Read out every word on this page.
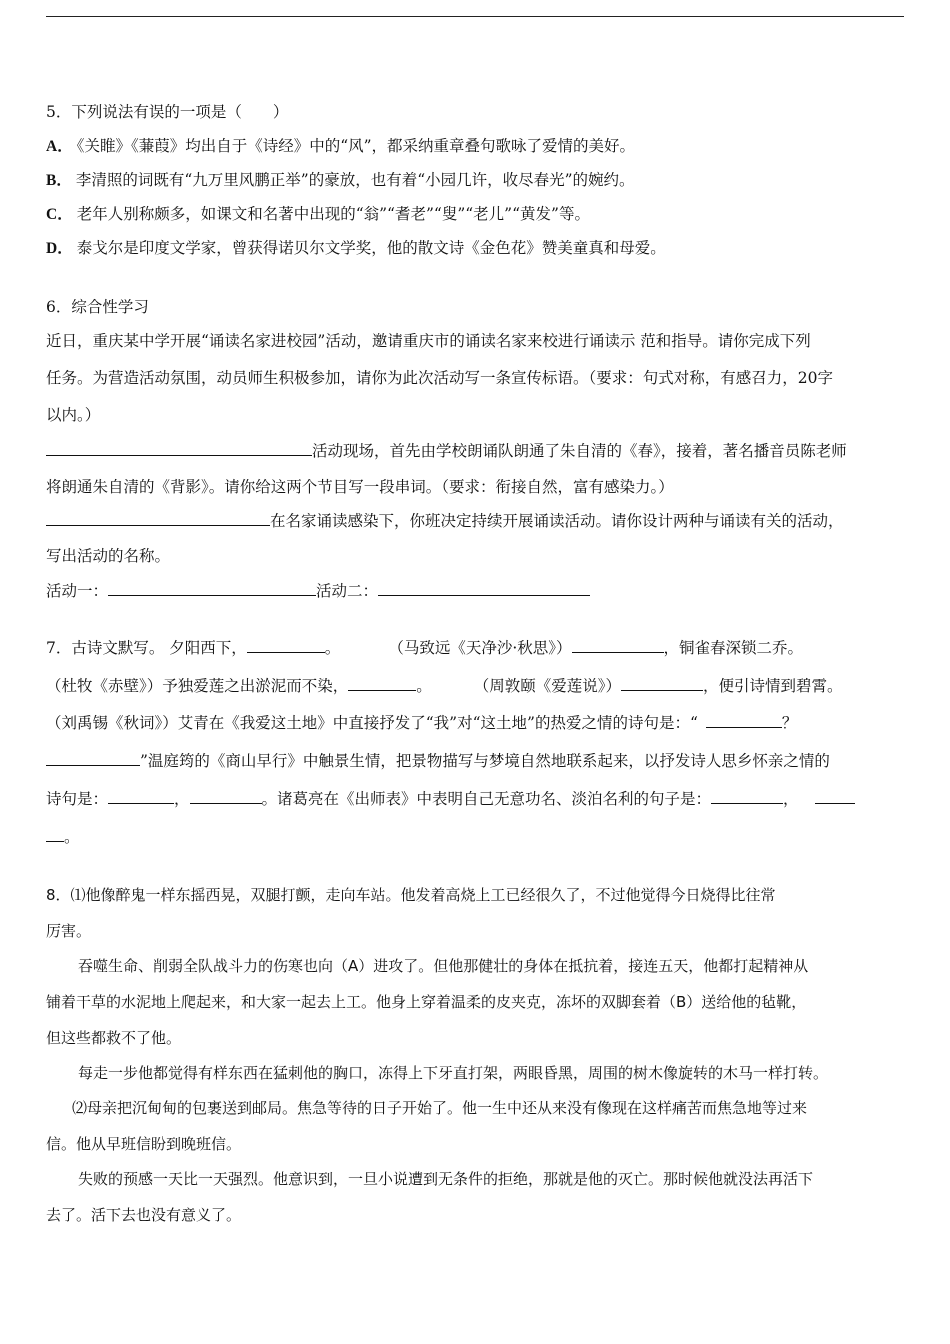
5．下列说法有误的一项是（　　）
A． 《关睢》《蒹葭》均出自于《诗经》中的“风”，都采纳重章叠句歌咏了爱情的美好。
B． 李清照的词既有“九万里风鹏正举”的豪放，也有着“小园几许，收尽春光”的婉约。
C． 老年人别称颇多，如课文和名著中出现的“翁”“耆老”“叟”“老儿”“黄发”等。
D． 泰戈尔是印度文学家，曾获得诺贝尔文学奖，他的散文诗《金色花》赞美童真和母爱。
6．综合性学习
近日，重庆某中学开展“诵读名家进校园”活动，邀请重庆市的诵读名家来校进行诵读示 范和指导。请你完成下列
任务。为营造活动氛围，动员师生积极参加，请你为此次活动写一条宣传标语。（要求：句式对称，有感召力，20字
以内。）
活动现场，首先由学校朗诵队朗通了朱自清的《春》，接着，著名播音员陈老师
将朗通朱自清的《背影》。请你给这两个节目写一段串词。（要求：衔接自然，富有感染力。）
在名家诵读感染下，你班决定持续开展诵读活动。请你设计两种与诵读有关的活动，
写出活动的名称。
活动一：	活动二：
7．古诗文默写。 夕阳西下，	。	（马致远《天净沙·秋思》）	，铜雀春深锁二乔。
（杜牧《赤壁》）予独爱莲之出淤泥而不染，	。	（周敦颐《爱莲说》）	，便引诗情到碧霄。
（刘禹锡《秋词》）艾青在《我爱这土地》中直接抒发了“我”对“这土地”的热爱之情的诗句是：“	？
”温庭筠的《商山早行》中触景生情，把景物描写与梦境自然地联系起来，以抒发诗人思乡怀亲之情的
诗句是：	，	。诸葛亮在《出师表》中表明自己无意功名、淡泊名利的句子是：	，
。
8．⑴他像醉鬼一样东摇西晃，双腿打颤，走向车站。他发着高烧上工已经很久了，不过他觉得今日烧得比往常
厉害。
吞噬生命、削弱全队战斗力的伤寒也向（A）进攻了。但他那健壮的身体在抵抗着，接连五天，他都打起精神从
铺着干草的水泥地上爬起来，和大家一起去上工。他身上穿着温柔的皮夹克，冻坏的双脚套着（B）送给他的毡靴，
但这些都救不了他。
每走一步他都觉得有样东西在猛刺他的胸口，冻得上下牙直打架，两眼昏黑，周围的树木像旋转的木马一样打转。
⑵母亲把沉甸甸的包裹送到邮局。焦急等待的日子开始了。他一生中还从来没有像现在这样痛苦而焦急地等过来
信。他从早班信盼到晚班信。
失败的预感一天比一天强烈。他意识到，一旦小说遭到无条件的拒绝，那就是他的灭亡。那时候他就没法再活下
去了。活下去也没有意义了。
